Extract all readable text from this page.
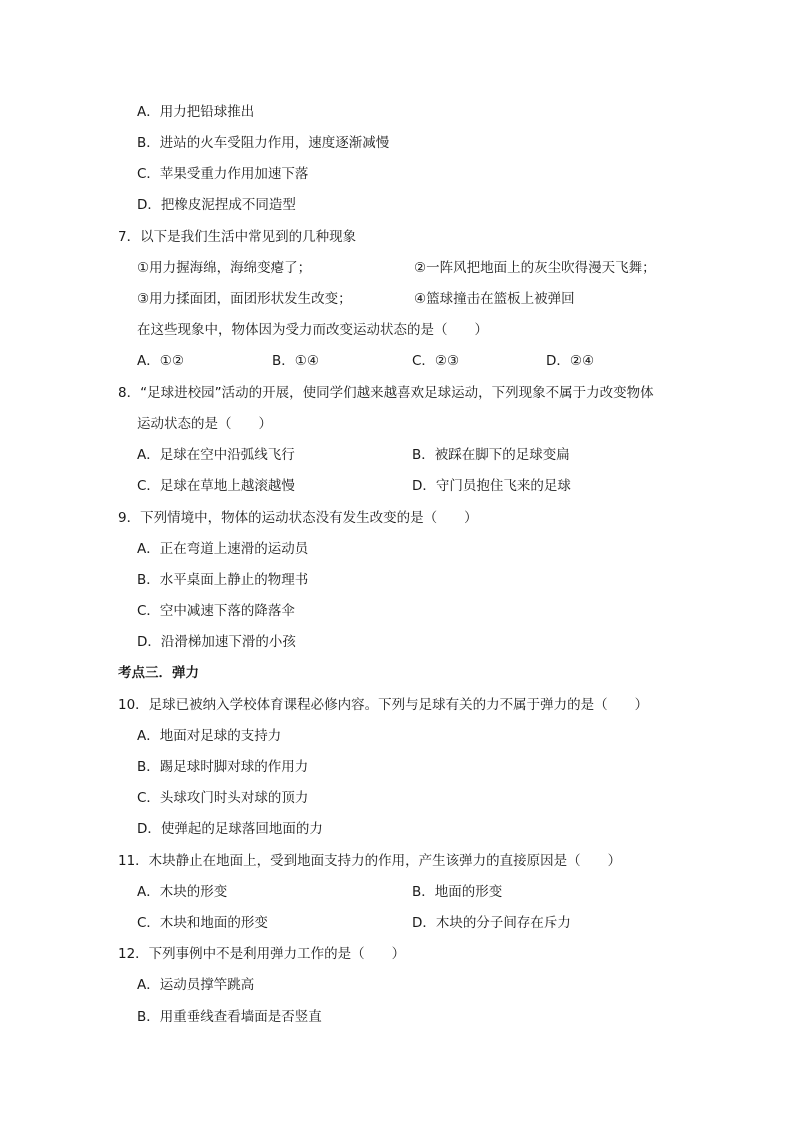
A．用力把铅球推出
B．进站的火车受阻力作用，速度逐渐减慢
C．苹果受重力作用加速下落
D．把橡皮泥捏成不同造型
7．以下是我们生活中常见到的几种现象
①用力握海绵，海绵变瘪了；	②一阵风把地面上的灰尘吹得漫天飞舞；
③用力揉面团，面团形状发生改变；	④篮球撞击在篮板上被弹回
在这些现象中，物体因为受力而改变运动状态的是（　　）
A．①②	B．①④	C．②③	D．②④
8．“足球进校园”活动的开展，使同学们越来越喜欢足球运动，下列现象不属于力改变物体
运动状态的是（　　）
A．足球在空中沿弧线飞行	B．被踩在脚下的足球变扁
C．足球在草地上越滚越慢	D．守门员抱住飞来的足球
9．下列情境中，物体的运动状态没有发生改变的是（　　）
A．正在弯道上速滑的运动员
B．水平桌面上静止的物理书
C．空中减速下落的降落伞
D．沿滑梯加速下滑的小孩
考点三．弹力
10．足球已被纳入学校体育课程必修内容。下列与足球有关的力不属于弹力的是（　　）
A．地面对足球的支持力
B．踢足球时脚对球的作用力
C．头球攻门时头对球的顶力
D．使弹起的足球落回地面的力
11．木块静止在地面上，受到地面支持力的作用，产生该弹力的直接原因是（　　）
A．木块的形变	B．地面的形变
C．木块和地面的形变	D．木块的分子间存在斥力
12．下列事例中不是利用弹力工作的是（　　）
A．运动员撑竿跳高
B．用重垂线查看墙面是否竖直
